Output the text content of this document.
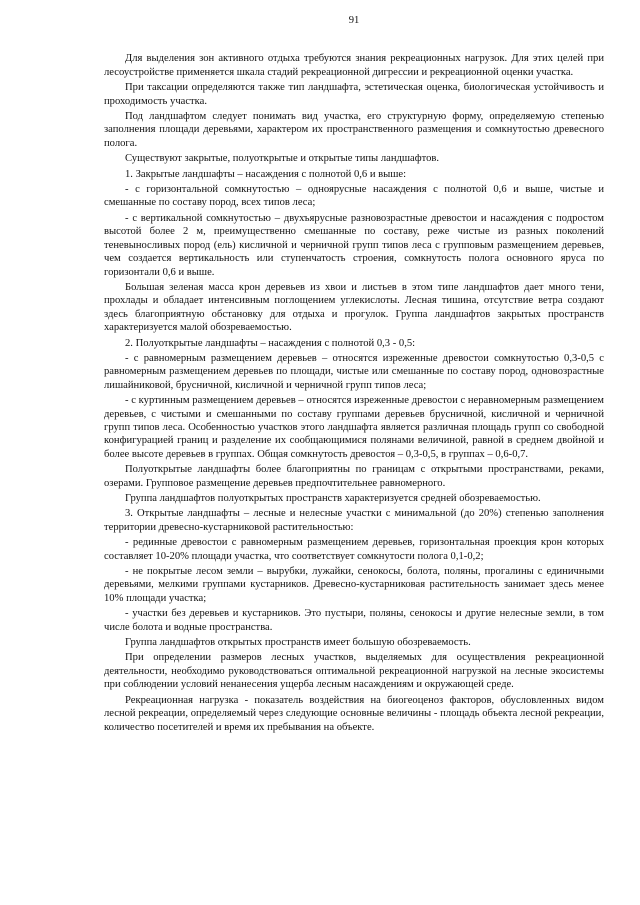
91

Для выделения зон активного отдыха требуются знания рекреационных нагрузок. Для этих целей при лесоустройстве применяется шкала стадий рекреационной дигрессии и рекреационной оценки участка.

При таксации определяются также тип ландшафта, эстетическая оценка, биологическая устойчивость и проходимость участка.

Под ландшафтом следует понимать вид участка, его структурную форму, определяемую степенью заполнения площади деревьями, характером их пространственного размещения и сомкнутостью древесного полога.

Существуют закрытые, полуоткрытые и открытые типы ландшафтов.

1. Закрытые ландшафты – насаждения с полнотой 0,6 и выше:

- с горизонтальной сомкнутостью – одноярусные насаждения с полнотой 0,6 и выше, чистые и смешанные по составу пород, всех типов леса;

- с вертикальной сомкнутостью – двухъярусные разновозрастные древостои и насаждения с подростом высотой более 2 м, преимущественно смешанные по составу, реже чистые из разных поколений теневыносливых пород (ель) кисличной и черничной групп типов леса с групповым размещением деревьев, чем создается вертикальность или ступенчатость строения, сомкнутость полога основного яруса по горизонтали 0,6 и выше.

Большая зеленая масса крон деревьев из хвои и листьев в этом типе ландшафтов дает много тени, прохлады и обладает интенсивным поглощением углекислоты. Лесная тишина, отсутствие ветра создают здесь благоприятную обстановку для отдыха и прогулок. Группа ландшафтов закрытых пространств характеризуется малой обозреваемостью.

2. Полуоткрытые ландшафты – насаждения с полнотой 0,3 - 0,5:

- с равномерным размещением деревьев – относятся изреженные древостои сомкнутостью 0,3-0,5 с равномерным размещением деревьев по площади, чистые или смешанные по составу пород, одновозрастные лишайниковой, брусничной, кисличной и черничной групп типов леса;

- с куртинным размещением деревьев – относятся изреженные древостои с неравномерным размещением деревьев, с чистыми и смешанными по составу группами деревьев брусничной, кисличной и черничной групп типов леса. Особенностью участков этого ландшафта является различная площадь групп со свободной конфигурацией границ и разделение их сообщающимися полянами величиной, равной в среднем двойной и более высоте деревьев в группах. Общая сомкнутость древостоя – 0,3-0,5, в группах – 0,6-0,7.

Полуоткрытые ландшафты более благоприятны по границам с открытыми пространствами, реками, озерами. Групповое размещение деревьев предпочтительнее равномерного.

Группа ландшафтов полуоткрытых пространств характеризуется средней обозреваемостью.

3. Открытые ландшафты – лесные и нелесные участки с минимальной (до 20%) степенью заполнения территории древесно-кустарниковой растительностью:

- рединные древостои с равномерным размещением деревьев, горизонтальная проекция крон которых составляет 10-20% площади участка, что соответствует сомкнутости полога 0,1-0,2;

- не покрытые лесом земли – вырубки, лужайки, сенокосы, болота, поляны, прогалины с единичными деревьями, мелкими группами кустарников. Древесно-кустарниковая растительность занимает здесь менее 10% площади участка;

- участки без деревьев и кустарников. Это пустыри, поляны, сенокосы и другие нелесные земли, в том числе болота и водные пространства.

Группа ландшафтов открытых пространств имеет большую обозреваемость.

При определении размеров лесных участков, выделяемых для осуществления рекреационной деятельности, необходимо руководствоваться оптимальной рекреационной нагрузкой на лесные экосистемы при соблюдении условий ненанесения ущерба лесным насаждениям и окружающей среде.

Рекреационная нагрузка - показатель воздействия на биогеоценоз факторов, обусловленных видом лесной рекреации, определяемый через следующие основные величины - площадь объекта лесной рекреации, количество посетителей и время их пребывания на объекте.
